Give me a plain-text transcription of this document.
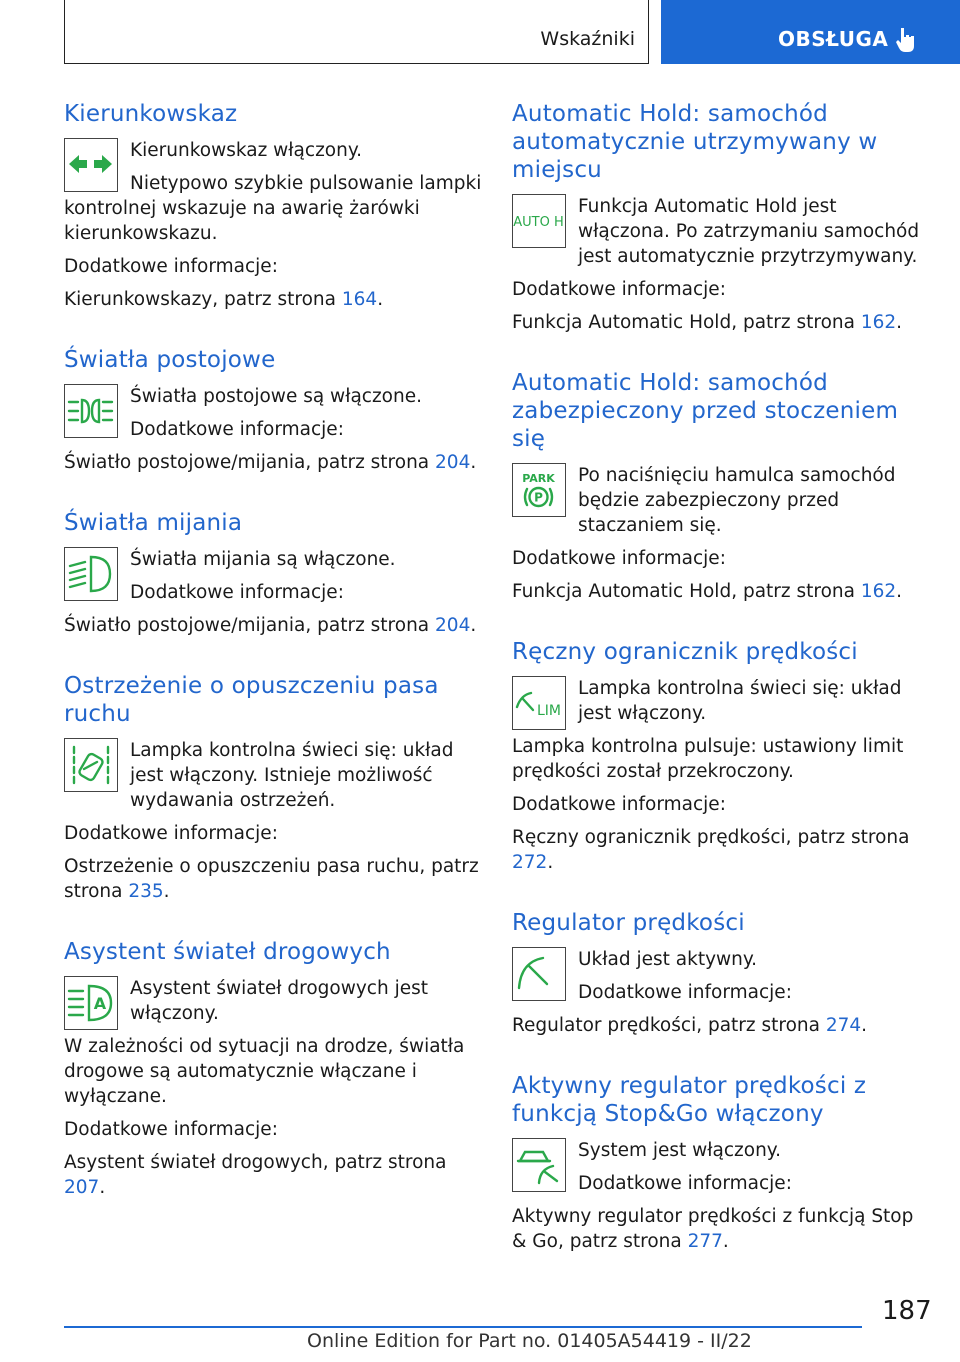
Wskaźniki	OBSŁUGA
Kierunkowskaz

Kierunkowskaz włączony.

Nietypowo szybkie pulsowanie lampki kontrolnej wskazuje na awarię żarówki kierunkowskazu.

Dodatkowe informacje:

Kierunkowskazy, patrz strona 164.

Światła postojowe

Światła postojowe są włączone.

Dodatkowe informacje:

Światło postojowe/mijania, patrz strona 204.

Światła mijania

Światła mijania są włączone.

Dodatkowe informacje:

Światło postojowe/mijania, patrz strona 204.

Ostrzeżenie o opuszczeniu pasa ruchu

Lampka kontrolna świeci się: układ jest włączony. Istnieje możliwość wydawania ostrzeżeń.

Dodatkowe informacje:

Ostrzeżenie o opuszczeniu pasa ruchu, patrz strona 235.

Asystent świateł drogowych
A

Asystent świateł drogowych jest włączony.

W zależności od sytuacji na drodze, światła drogowe są automatycznie włączane i wyłączane.

Dodatkowe informacje:

Asystent świateł drogowych, patrz strona 207.

Automatic Hold: samochód automatycznie utrzymywany w miejscu
AUTO H

Funkcja Automatic Hold jest włączona. Po zatrzymaniu samochód jest automatycznie przytrzymywany.

Dodatkowe informacje:

Funkcja Automatic Hold, patrz strona 162.

Automatic Hold: samochód zabezpieczony przed stoczeniem się
PARK
P

Po naciśnięciu hamulca samochód będzie zabezpieczony przed staczaniem się.

Dodatkowe informacje:

Funkcja Automatic Hold, patrz strona 162.

Ręczny ogranicznik prędkości
LIM

Lampka kontrolna świeci się: układ jest włączony.

Lampka kontrolna pulsuje: ustawiony limit prędkości został przekroczony.

Dodatkowe informacje:

Ręczny ogranicznik prędkości, patrz strona 272.

Regulator prędkości

Układ jest aktywny.

Dodatkowe informacje:

Regulator prędkości, patrz strona 274.

Aktywny regulator prędkości z funkcją Stop&Go włączony

System jest włączony.

Dodatkowe informacje:

Aktywny regulator prędkości z funkcją Stop & Go, patrz strona 277.

187
Online Edition for Part no. 01405A54419 - II/22
